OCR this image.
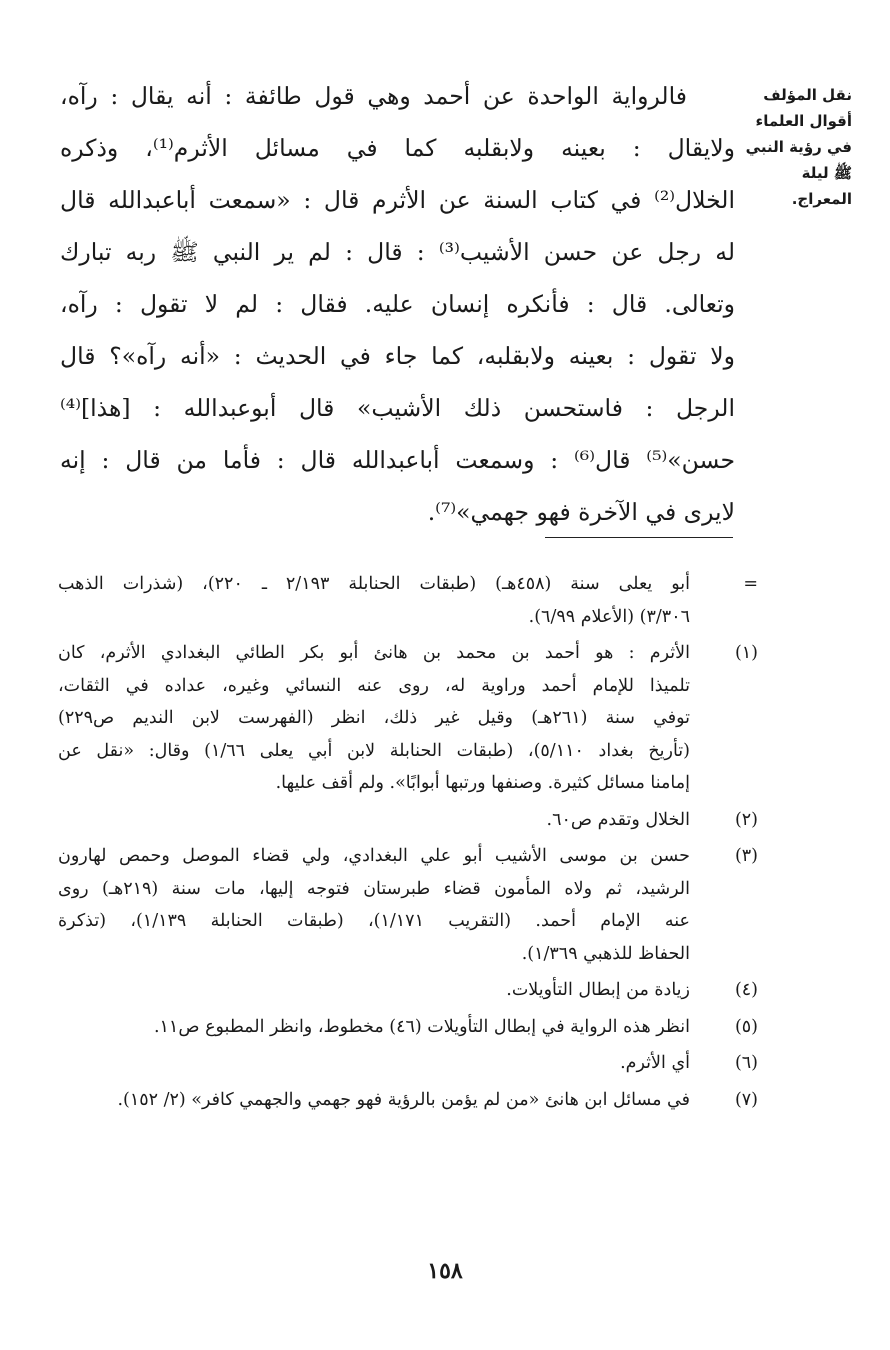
نقل المؤلف
أقوال العلماء
في رؤية النبي
ﷺ ليلة
المعراج.
فالرواية الواحدة عن أحمد وهي قول طائفة : أنه يقال : رآه،
ولايقال : بعينه ولابقلبه كما في مسائل الأثرم⁽¹⁾، وذكره
الخلال⁽²⁾ في كتاب السنة عن الأثرم قال : «سمعت أباعبدالله قال
له رجل عن حسن الأشيب⁽³⁾ : قال : لم ير النبي ﷺ ربه تبارك
وتعالى. قال : فأنكره إنسان عليه. فقال : لم لا تقول : رآه،
ولا تقول : بعينه ولابقلبه، كما جاء في الحديث : «أنه رآه»؟ قال
الرجل : فاستحسن ذلك الأشيب» قال أبوعبدالله : [هذا]⁽⁴⁾
حسن»⁽⁵⁾ قال⁽⁶⁾ : وسمعت أباعبدالله قال : فأما من قال : إنه
لايرى في الآخرة فهو جهمي»⁽⁷⁾.
=
أبو يعلى سنة (٤٥٨هـ) (طبقات الحنابلة ٢/١٩٣ ـ ٢٢٠)، (شذرات الذهب
٣/٣٠٦) (الأعلام ٦/٩٩).
(١)
الأثرم : هو أحمد بن محمد بن هانئ أبو بكر الطائي البغدادي الأثرم، كان
تلميذا للإمام أحمد وراوية له، روى عنه النسائي وغيره، عداده في الثقات،
توفي سنة (٢٦١هـ) وقيل غير ذلك، انظر (الفهرست لابن النديم ص٢٢٩)
(تأريخ بغداد ٥/١١٠)، (طبقات الحنابلة لابن أبي يعلى ١/٦٦) وقال: «نقل عن
إمامنا مسائل كثيرة. وصنفها ورتبها أبوابًا». ولم أقف عليها.
(٢)
الخلال وتقدم ص٦٠.
(٣)
حسن بن موسى الأشيب أبو علي البغدادي، ولي قضاء الموصل وحمص لهارون
الرشيد، ثم ولاه المأمون قضاء طبرستان فتوجه إليها، مات سنة (٢١٩هـ) روى
عنه الإمام أحمد. (التقريب ١/١٧١)، (طبقات الحنابلة ١/١٣٩)، (تذكرة
الحفاظ للذهبي ١/٣٦٩).
(٤)
زيادة من إبطال التأويلات.
(٥)
انظر هذه الرواية في إبطال التأويلات (٤٦) مخطوط، وانظر المطبوع ص١١.
(٦)
أي الأثرم.
(٧)
في مسائل ابن هانئ «من لم يؤمن بالرؤية فهو جهمي والجهمي كافر» (٢/ ١٥٢).
١٥٨
